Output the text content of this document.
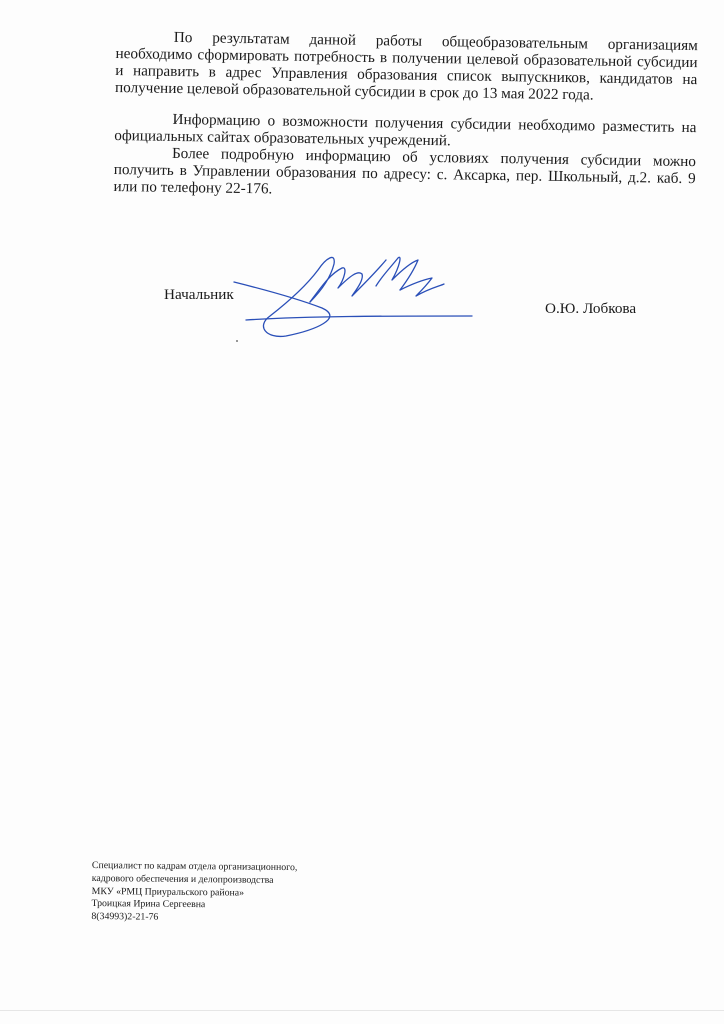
По результатам данной работы общеобразовательным организациям необходимо сформировать потребность в получении целевой образовательной субсидии и направить в адрес Управления образования список выпускников, кандидатов на получение целевой образовательной субсидии в срок до 13 мая 2022 года.

Информацию о возможности получения субсидии необходимо разместить на официальных сайтах образовательных учреждений.

Более подробную информацию об условиях получения субсидии можно получить в Управлении образования по адресу: с. Аксарка, пер. Школьный, д.2. каб. 9 или по телефону 22-176.

Начальник
О.Ю. Лобкова
Специалист по кадрам отдела организационного,
кадрового обеспечения и делопроизводства
МКУ «РМЦ Приуральского района»
Троицкая Ирина Сергеевна
8(34993)2-21-76
